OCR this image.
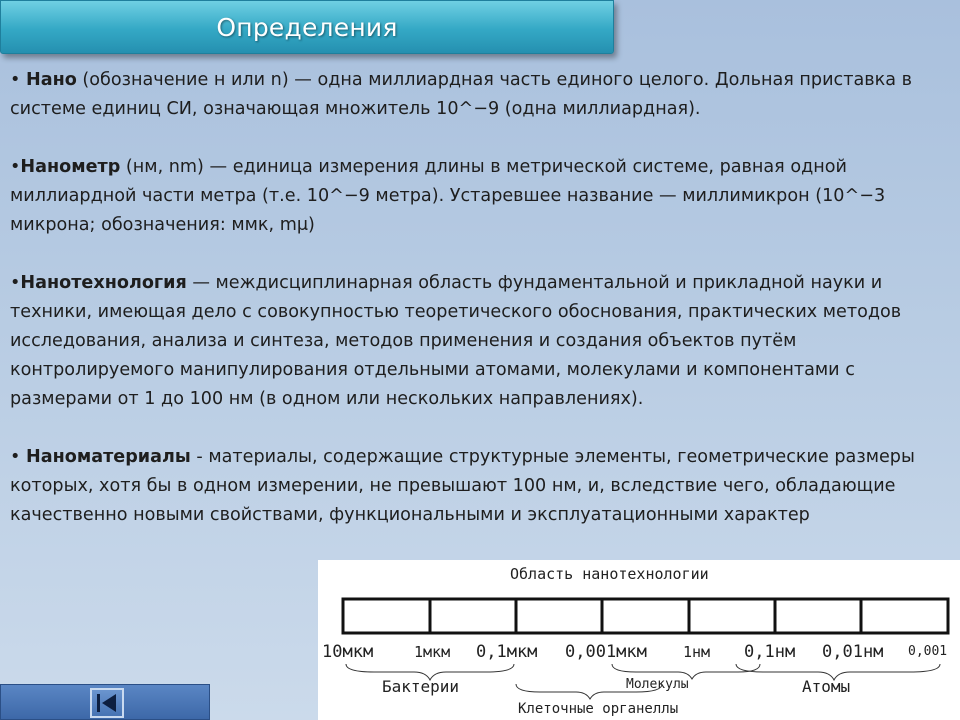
Определения

• Нано (обозначение н или n) — одна миллиардная часть единого целого. Дольная приставка в системе единиц СИ, означающая множитель 10^−9 (одна миллиардная).

•Нанометр (нм, nm) — единица измерения длины в метрической системе, равная одной миллиардной части метра (т.е. 10^−9 метра). Устаревшее название — миллимикрон (10^−3 микрона; обозначения: ммк, mμ)

•Нанотехнология — междисциплинарная область фундаментальной и прикладной науки и техники, имеющая дело с совокупностью теоретического обоснования, практических методов исследования, анализа и синтеза, методов применения и создания объектов путём контролируемого манипулирования отдельными атомами, молекулами и компонентами с размерами от 1 до 100 нм (в одном или нескольких направлениях).

• Наноматериалы - материалы, содержащие структурные элементы, геометрические размеры которых, хотя бы в одном измерении, не превышают 100 нм, и, вследствие чего, обладающие качественно новыми свойствами, функциональными и эксплуатационными характер

Область нанотехнологии
10мкм	1мкм 0,1мкм 0,001мкм 1нм 0,1нм 0,01нм 0,001
Бактерии	Молекулы	Атомы
Клеточные органеллы
